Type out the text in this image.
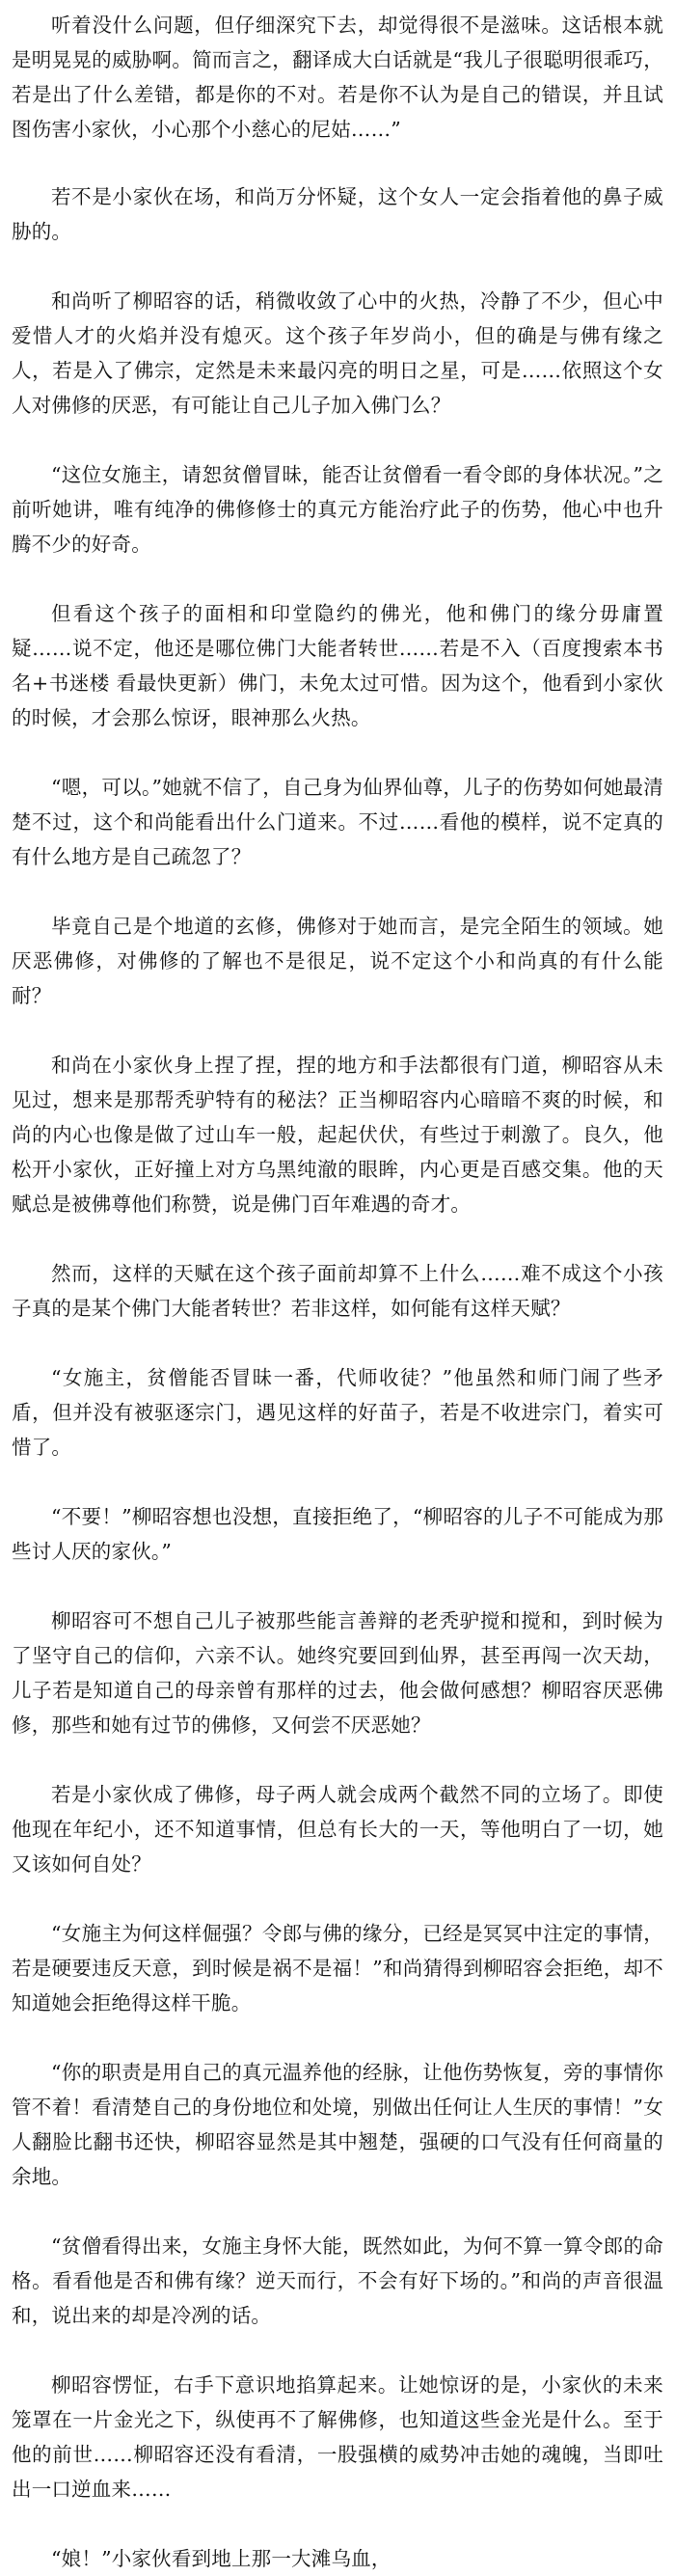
听着没什么问题，但仔细深究下去，却觉得很不是滋味。这话根本就是明晃晃的威胁啊。简而言之，翻译成大白话就是“我儿子很聪明很乖巧，若是出了什么差错，都是你的不对。若是你不认为是自己的错误，并且试图伤害小家伙，小心那个小慈心的尼姑……”

若不是小家伙在场，和尚万分怀疑，这个女人一定会指着他的鼻子威胁的。

和尚听了柳昭容的话，稍微收敛了心中的火热，冷静了不少，但心中爱惜人才的火焰并没有熄灭。这个孩子年岁尚小，但的确是与佛有缘之人，若是入了佛宗，定然是未来最闪亮的明日之星，可是……依照这个女人对佛修的厌恶，有可能让自己儿子加入佛门么？

“这位女施主，请恕贫僧冒昧，能否让贫僧看一看令郎的身体状况。”之前听她讲，唯有纯净的佛修修士的真元方能治疗此子的伤势，他心中也升腾不少的好奇。

但看这个孩子的面相和印堂隐约的佛光，他和佛门的缘分毋庸置疑……说不定，他还是哪位佛门大能者转世……若是不入（百度搜索本书名+书迷楼 看最快更新）佛门，未免太过可惜。因为这个，他看到小家伙的时候，才会那么惊讶，眼神那么火热。

“嗯，可以。”她就不信了，自己身为仙界仙尊，儿子的伤势如何她最清楚不过，这个和尚能看出什么门道来。不过……看他的模样，说不定真的有什么地方是自己疏忽了？

毕竟自己是个地道的玄修，佛修对于她而言，是完全陌生的领域。她厌恶佛修，对佛修的了解也不是很足，说不定这个小和尚真的有什么能耐？

和尚在小家伙身上捏了捏，捏的地方和手法都很有门道，柳昭容从未见过，想来是那帮秃驴特有的秘法？正当柳昭容内心暗暗不爽的时候，和尚的内心也像是做了过山车一般，起起伏伏，有些过于刺激了。良久，他松开小家伙，正好撞上对方乌黑纯澈的眼眸，内心更是百感交集。他的天赋总是被佛尊他们称赞，说是佛门百年难遇的奇才。

然而，这样的天赋在这个孩子面前却算不上什么……难不成这个小孩子真的是某个佛门大能者转世？若非这样，如何能有这样天赋？

“女施主，贫僧能否冒昧一番，代师收徒？”他虽然和师门闹了些矛盾，但并没有被驱逐宗门，遇见这样的好苗子，若是不收进宗门，着实可惜了。

“不要！”柳昭容想也没想，直接拒绝了，“柳昭容的儿子不可能成为那些讨人厌的家伙。”

柳昭容可不想自己儿子被那些能言善辩的老秃驴搅和搅和，到时候为了坚守自己的信仰，六亲不认。她终究要回到仙界，甚至再闯一次天劫，儿子若是知道自己的母亲曾有那样的过去，他会做何感想？柳昭容厌恶佛修，那些和她有过节的佛修，又何尝不厌恶她？

若是小家伙成了佛修，母子两人就会成两个截然不同的立场了。即使他现在年纪小，还不知道事情，但总有长大的一天，等他明白了一切，她又该如何自处？

“女施主为何这样倔强？令郎与佛的缘分，已经是冥冥中注定的事情，若是硬要违反天意，到时候是祸不是福！”和尚猜得到柳昭容会拒绝，却不知道她会拒绝得这样干脆。

“你的职责是用自己的真元温养他的经脉，让他伤势恢复，旁的事情你管不着！看清楚自己的身份地位和处境，别做出任何让人生厌的事情！”女人翻脸比翻书还快，柳昭容显然是其中翘楚，强硬的口气没有任何商量的余地。

“贫僧看得出来，女施主身怀大能，既然如此，为何不算一算令郎的命格。看看他是否和佛有缘？逆天而行，不会有好下场的。”和尚的声音很温和，说出来的却是冷冽的话。

柳昭容愣怔，右手下意识地掐算起来。让她惊讶的是，小家伙的未来笼罩在一片金光之下，纵使再不了解佛修，也知道这些金光是什么。至于他的前世……柳昭容还没有看清，一股强横的威势冲击她的魂魄，当即吐出一口逆血来……

“娘！”小家伙看到地上那一大滩乌血，
